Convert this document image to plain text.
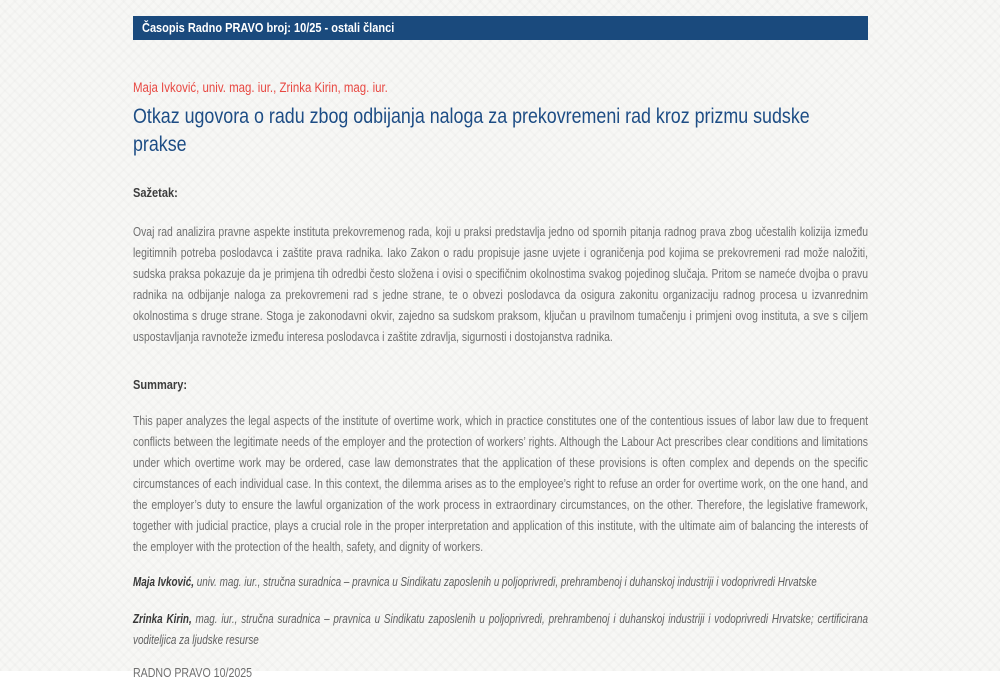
Časopis Radno PRAVO broj: 10/25 - ostali članci
Maja Ivković, univ. mag. iur., Zrinka Kirin, mag. iur.
Otkaz ugovora o radu zbog odbijanja naloga za prekovremeni rad kroz prizmu sudske prakse
Sažetak:
Ovaj rad analizira pravne aspekte instituta prekovremenog rada, koji u praksi predstavlja jedno od spornih pitanja radnog prava zbog učestalih kolizija između legitimnih potreba poslodavca i zaštite prava radnika. Iako Zakon o radu propisuje jasne uvjete i ograničenja pod kojima se prekovremeni rad može naložiti, sudska praksa pokazuje da je primjena tih odredbi često složena i ovisi o specifičnim okolnostima svakog pojedinog slučaja. Pritom se nameće dvojba o pravu radnika na odbijanje naloga za prekovremeni rad s jedne strane, te o obvezi poslodavca da osigura zakonitu organizaciju radnog procesa u izvanrednim okolnostima s druge strane. Stoga je zakonodavni okvir, zajedno sa sudskom praksom, ključan u pravilnom tumačenju i primjeni ovog instituta, a sve s ciljem uspostavljanja ravnoteže između interesa poslodavca i zaštite zdravlja, sigurnosti i dostojanstva radnika.
Summary:
This paper analyzes the legal aspects of the institute of overtime work, which in practice constitutes one of the contentious issues of labor law due to frequent conflicts between the legitimate needs of the employer and the protection of workers’ rights. Although the Labour Act prescribes clear conditions and limitations under which overtime work may be ordered, case law demonstrates that the application of these provisions is often complex and depends on the specific circumstances of each individual case. In this context, the dilemma arises as to the employee’s right to refuse an order for overtime work, on the one hand, and the employer’s duty to ensure the lawful organization of the work process in extraordinary circumstances, on the other. Therefore, the legislative framework, together with judicial practice, plays a crucial role in the proper interpretation and application of this institute, with the ultimate aim of balancing the interests of the employer with the protection of the health, safety, and dignity of workers.
Maja Ivković, univ. mag. iur., stručna suradnica – pravnica u Sindikatu zaposlenih u poljoprivredi, prehrambenoj i duhanskoj industriji i vodoprivredi Hrvatske
Zrinka Kirin, mag. iur., stručna suradnica – pravnica u Sindikatu zaposlenih u poljoprivredi, prehrambenoj i duhanskoj industriji i vodoprivredi Hrvatske; certificirana voditeljica za ljudske resurse
RADNO PRAVO 10/2025
